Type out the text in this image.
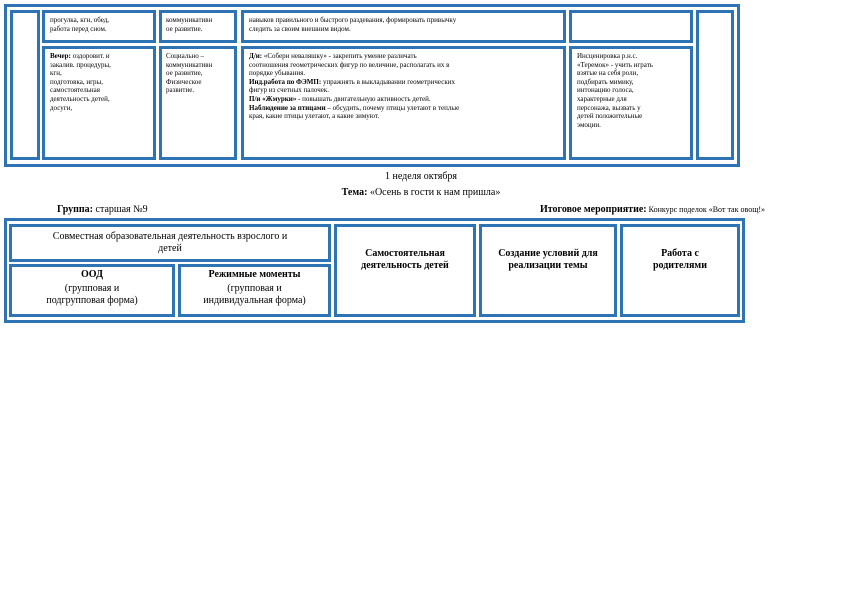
прогулка, кгн, обед,
работа перед сном.
коммуникативн
ое развитие.
навыков правильного и быстрого раздевания, формировать привычку
следить за своим внешним видом.
Вечер: оздоровит. и
закалив. процедуры,
кгн,
подготовка, игры,
самостоятельная
деятельность детей,
досуги,
Социально –
коммуникативн
ое развитие,
Физическое
развитие.
Д/и: «Собери неваляшку» - закрепить умение различать
соотношения геометрических фигур по величине, располагать их в
порядке убывания.
Инд.работа по ФЭМП: упражнять в выкладывании геометрических
фигур из счетных палочек.
П/и «Жмурки» - повышать двигательную активность детей.
Наблюдение за птицами – обсудить, почему птицы улетают в теплые
края, какие птицы улетают, а какие зимуют.
Инсценировка р.н.с.
«Теремок» - учить играть
взятые на себя роли,
подбирать мимику,
интонацию голоса,
характерные для
персонажа, вызвать у
детей положительные
эмоции.
1 неделя октября
Тема: «Осень в гости к нам пришла»
Группа: старшая №9	Итоговое мероприятие: Конкурс поделок «Вот так овощ!»
Совместная образовательная деятельность взрослого и
детей
ООД
(групповая и
подгрупповая форма)
Режимные моменты
(групповая и
индивидуальная форма)
Самостоятельная
деятельность детей
Создание условий для
реализации темы
Работа с
родителями
